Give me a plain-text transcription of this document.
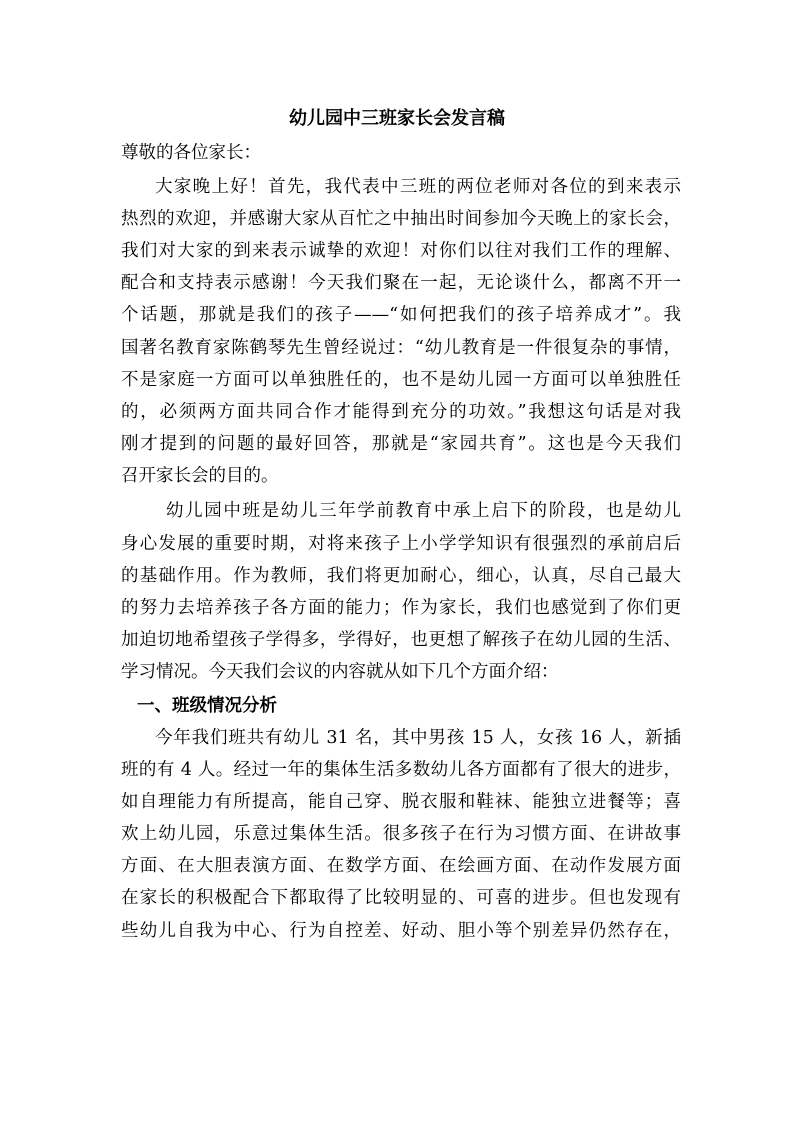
幼儿园中三班家长会发言稿

尊敬的各位家长：

大家晚上好！首先，我代表中三班的两位老师对各位的到来表示

热烈的欢迎，并感谢大家从百忙之中抽出时间参加今天晚上的家长会，

我们对大家的到来表示诚挚的欢迎！对你们以往对我们工作的理解、

配合和支持表示感谢！今天我们聚在一起，无论谈什么，都离不开一

个话题，那就是我们的孩子——“如何把我们的孩子培养成才”。我

国著名教育家陈鹤琴先生曾经说过：“幼儿教育是一件很复杂的事情，

不是家庭一方面可以单独胜任的，也不是幼儿园一方面可以单独胜任

的，必须两方面共同合作才能得到充分的功效。”我想这句话是对我

刚才提到的问题的最好回答，那就是“家园共育”。这也是今天我们

召开家长会的目的。

幼儿园中班是幼儿三年学前教育中承上启下的阶段，也是幼儿

身心发展的重要时期，对将来孩子上小学学知识有很强烈的承前启后

的基础作用。作为教师，我们将更加耐心，细心，认真，尽自己最大

的努力去培养孩子各方面的能力；作为家长，我们也感觉到了你们更

加迫切地希望孩子学得多，学得好，也更想了解孩子在幼儿园的生活、

学习情况。今天我们会议的内容就从如下几个方面介绍：

一、班级情况分析

今年我们班共有幼儿 31 名，其中男孩 15 人，女孩 16 人，新插

班的有 4 人。经过一年的集体生活多数幼儿各方面都有了很大的进步，

如自理能力有所提高，能自己穿、脱衣服和鞋袜、能独立进餐等；喜

欢上幼儿园，乐意过集体生活。很多孩子在行为习惯方面、在讲故事

方面、在大胆表演方面、在数学方面、在绘画方面、在动作发展方面

在家长的积极配合下都取得了比较明显的、可喜的进步。但也发现有

些幼儿自我为中心、行为自控差、好动、胆小等个别差异仍然存在，
